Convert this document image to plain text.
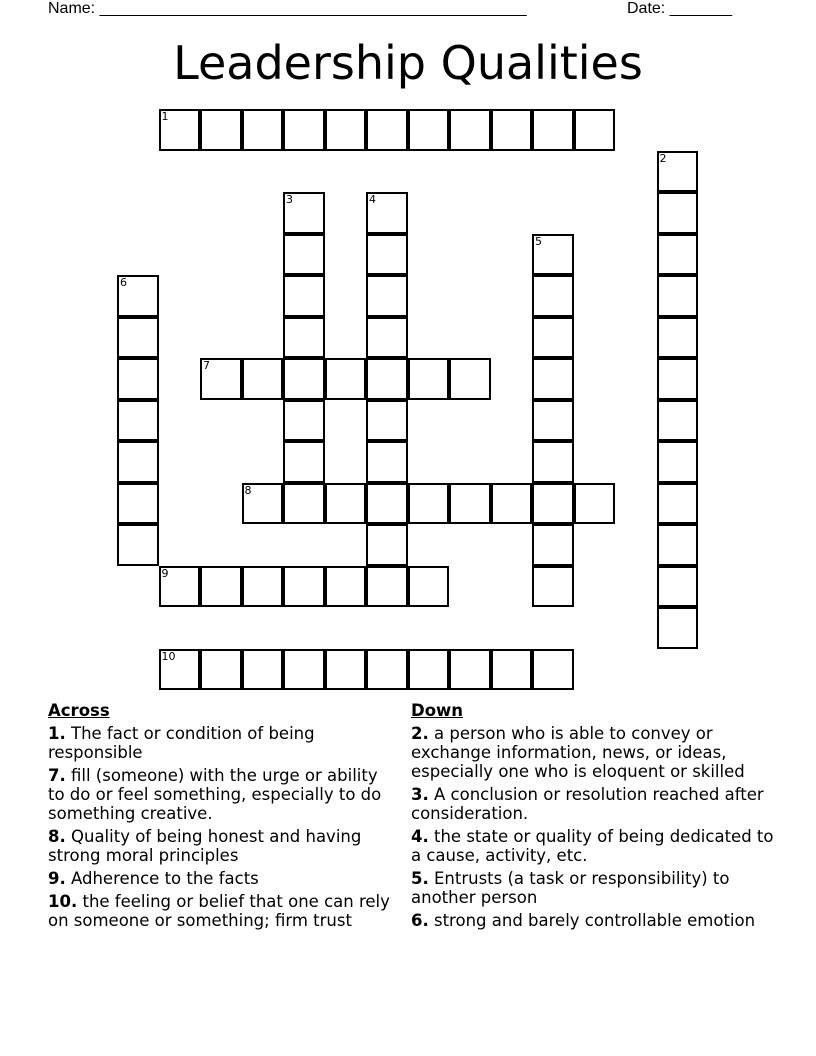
Name: ________________________________________________	Date: _______
Leadership Qualities
1
2
3	4
5
6
7
8
9
10
Across
1. The fact or condition of being responsible
7. fill (someone) with the urge or ability to do or feel something, especially to do something creative.
8. Quality of being honest and having strong moral principles
9. Adherence to the facts
10. the feeling or belief that one can rely on someone or something; firm trust
Down
2. a person who is able to convey or exchange information, news, or ideas, especially one who is eloquent or skilled
3. A conclusion or resolution reached after consideration.
4. the state or quality of being dedicated to a cause, activity, etc.
5. Entrusts (a task or responsibility) to another person
6. strong and barely controllable emotion
